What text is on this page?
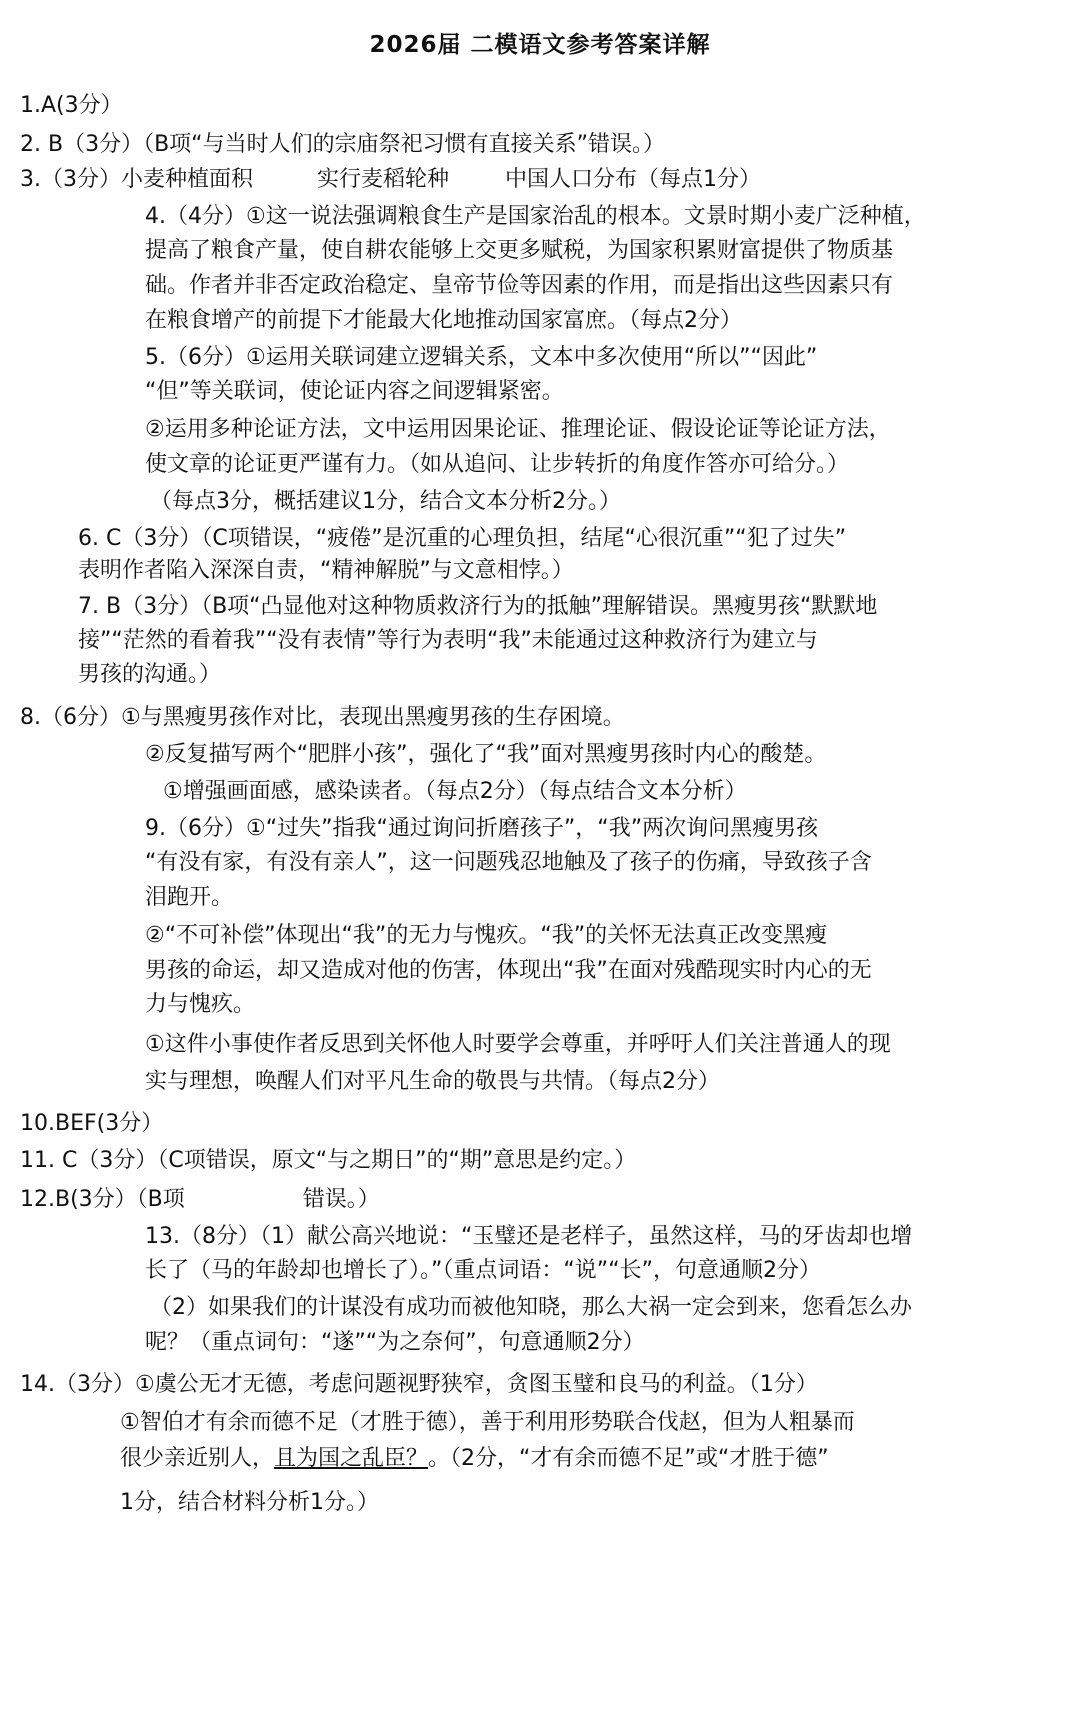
2026届 二模语文参考答案详解
1.A(3分）
2. B（3分）（B项“与当时人们的宗庙祭祀习惯有直接关系”错误。）
3.（3分）小麦种植面积	实行麦稻轮种	中国人口分布（每点1分）
4.（4分）①这一说法强调粮食生产是国家治乱的根本。文景时期小麦广泛种植，
提高了粮食产量，使自耕农能够上交更多赋税，为国家积累财富提供了物质基
础。作者并非否定政治稳定、皇帝节俭等因素的作用，而是指出这些因素只有
在粮食增产的前提下才能最大化地推动国家富庶。（每点2分）
5.（6分）①运用关联词建立逻辑关系，文本中多次使用“所以”“因此”
“但”等关联词，使论证内容之间逻辑紧密。
②运用多种论证方法，文中运用因果论证、推理论证、假设论证等论证方法，
使文章的论证更严谨有力。（如从追问、让步转折的角度作答亦可给分。）
（每点3分，概括建议1分，结合文本分析2分。）
6. C（3分）（C项错误，“疲倦”是沉重的心理负担，结尾“心很沉重”“犯了过失”
表明作者陷入深深自责，“精神解脱”与文意相悖。）
7. B（3分）（B项“凸显他对这种物质救济行为的抵触”理解错误。黑瘦男孩“默默地
接”“茫然的看着我”“没有表情”等行为表明“我”未能通过这种救济行为建立与
男孩的沟通。）
8.（6分）①与黑瘦男孩作对比，表现出黑瘦男孩的生存困境。
②反复描写两个“肥胖小孩”，强化了“我”面对黑瘦男孩时内心的酸楚。
①增强画面感，感染读者。（每点2分）（每点结合文本分析）
9.（6分）①“过失”指我“通过询问折磨孩子”，“我”两次询问黑瘦男孩
“有没有家，有没有亲人”，这一问题残忍地触及了孩子的伤痛，导致孩子含
泪跑开。
②“不可补偿”体现出“我”的无力与愧疚。“我”的关怀无法真正改变黑瘦
男孩的命运，却又造成对他的伤害，体现出“我”在面对残酷现实时内心的无
力与愧疚。
①这件小事使作者反思到关怀他人时要学会尊重，并呼吁人们关注普通人的现
实与理想，唤醒人们对平凡生命的敬畏与共情。（每点2分）
10.BEF(3分）
11. C（3分）（C项错误，原文“与之期日”的“期”意思是约定。）
12.B(3分）（B项	错误。）
13.（8分）（1）献公高兴地说：“玉璧还是老样子，虽然这样，马的牙齿却也增
长了（马的年龄却也增长了）。”（重点词语：“说”“长”，句意通顺2分）
（2）如果我们的计谋没有成功而被他知晓，那么大祸一定会到来，您看怎么办
呢？（重点词句：“遂”“为之奈何”，句意通顺2分）
14.（3分）①虞公无才无德，考虑问题视野狭窄，贪图玉璧和良马的利益。（1分）
①智伯才有余而德不足（才胜于德），善于利用形势联合伐赵，但为人粗暴而
很少亲近别人，且为国之乱臣？。（2分，“才有余而德不足”或“才胜于德”
1分，结合材料分析1分。）
